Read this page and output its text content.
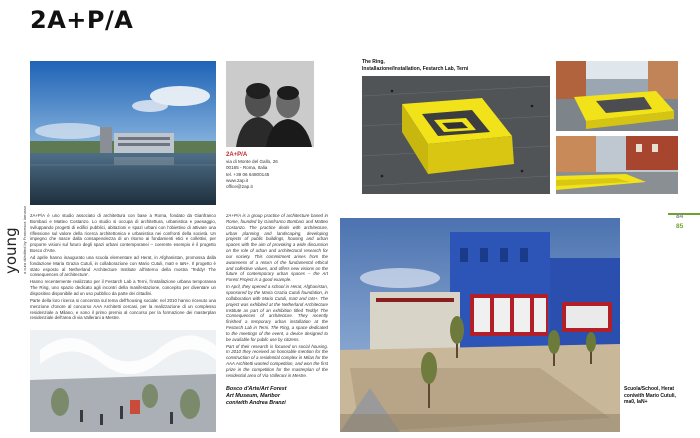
2A+P/A
young a cura di/edited by Francesca Iarrusso
2A+P/A
via di Monte del Gallo, 26
00165 - Roma, Italia
tel. +39 06 64800145
www.2ap.it
office@2ap.it

2A+P/A è uno studio associato di architettura con base a Roma, fondato da Gianfranco Bombaci e Matteo Costanzo. Lo studio si occupa di architettura, urbanistica e paesaggio, sviluppando progetti di edifici pubblici, abitazioni e spazi urbani con l'obiettivo di attivare una riflessione sul valore della ricerca architettonica e urbanistica nei confronti della società. Un impegno che nasce dalla consapevolezza di un ritorno ai fondamenti etici e collettivi, per proporre visioni sul futuro degli spazi urbani contemporanei – coerente esempio è il progetto Bosco d'Arte.

Ad aprile hanno inaugurato una scuola elementare ad Herat, in Afghanistan, promossa dalla fondazione Maria Grazia Cutuli, in collaborazione con Mario Cutuli, ma0 e IaN+. Il progetto è stato esposto al Netherland Architecture Institute all'interno della mostra 'Teddy! The consequences of architecture'.

Hanno recentemente realizzato per il Festarch Lab a Terni, l'installazione urbana temporanea The Ring, uno spazio dedicato agli incontri della manifestazione, concepito per diventare un dispositivo disponibile ad un uso pubblico da parte dei cittadini.

Parte della loro ricerca si concentra sul tema dell'housing sociale: nel 2010 hanno ricevuto una menzione d'onore al concorso AAA Architetti cercasi, per la realizzazione di un complesso residenziale a Milano, e sono il primo premio al concorso per la formazione dei masterplan residenziale dell'area di via Vallerani a Mestre.

2A+P/A is a group practice of architecture based in Rome, founded by Gianfranco Bombaci and Matteo Costanzo. The practice deals with architecture, urban planning and landscaping, developing projects of public buildings, housing and urban spaces with the aim of provoking a wide discussion on the role of urban and architectural research for our society. This commitment arises from the awareness of a return of the fundamental ethical and collective values, and offers new visions on the future of contemporary urban spaces – the Art Forest Project is a good example.

In April, they opened a school in Herat, Afghanistan, sponsored by the Maria Grazia Cutuli foundation, in collaboration with Mario Cutuli, ma0 and IaN+. The project was exhibited at the Netherland Architecture Institute as part of an exhibition titled Teddy! The Consequences of architecture. They recently finished a temporary urban installation at the Festarch Lab in Terni. The Ring, a space dedicated to the meetings of the event, a device designed to be available for public use by citizens.

Part of their research is focused on social housing. In 2010 they received an honorable mention for the construction of a residential complex in Milan for the AAA Architetti wanted competition, and won the first prize in the competition for the masterplan of the residential area of Via Vallerani in Mestre.

Bosco d'Arte/Art Forest
Art Museum, Maribor
con/with Andrea Branzi
The Ring,
Installazione/Installation, Festarch Lab, Terni
84
85
Scuola/School, Herat
con/with Mario Cutuli,
ma0, IaN+
